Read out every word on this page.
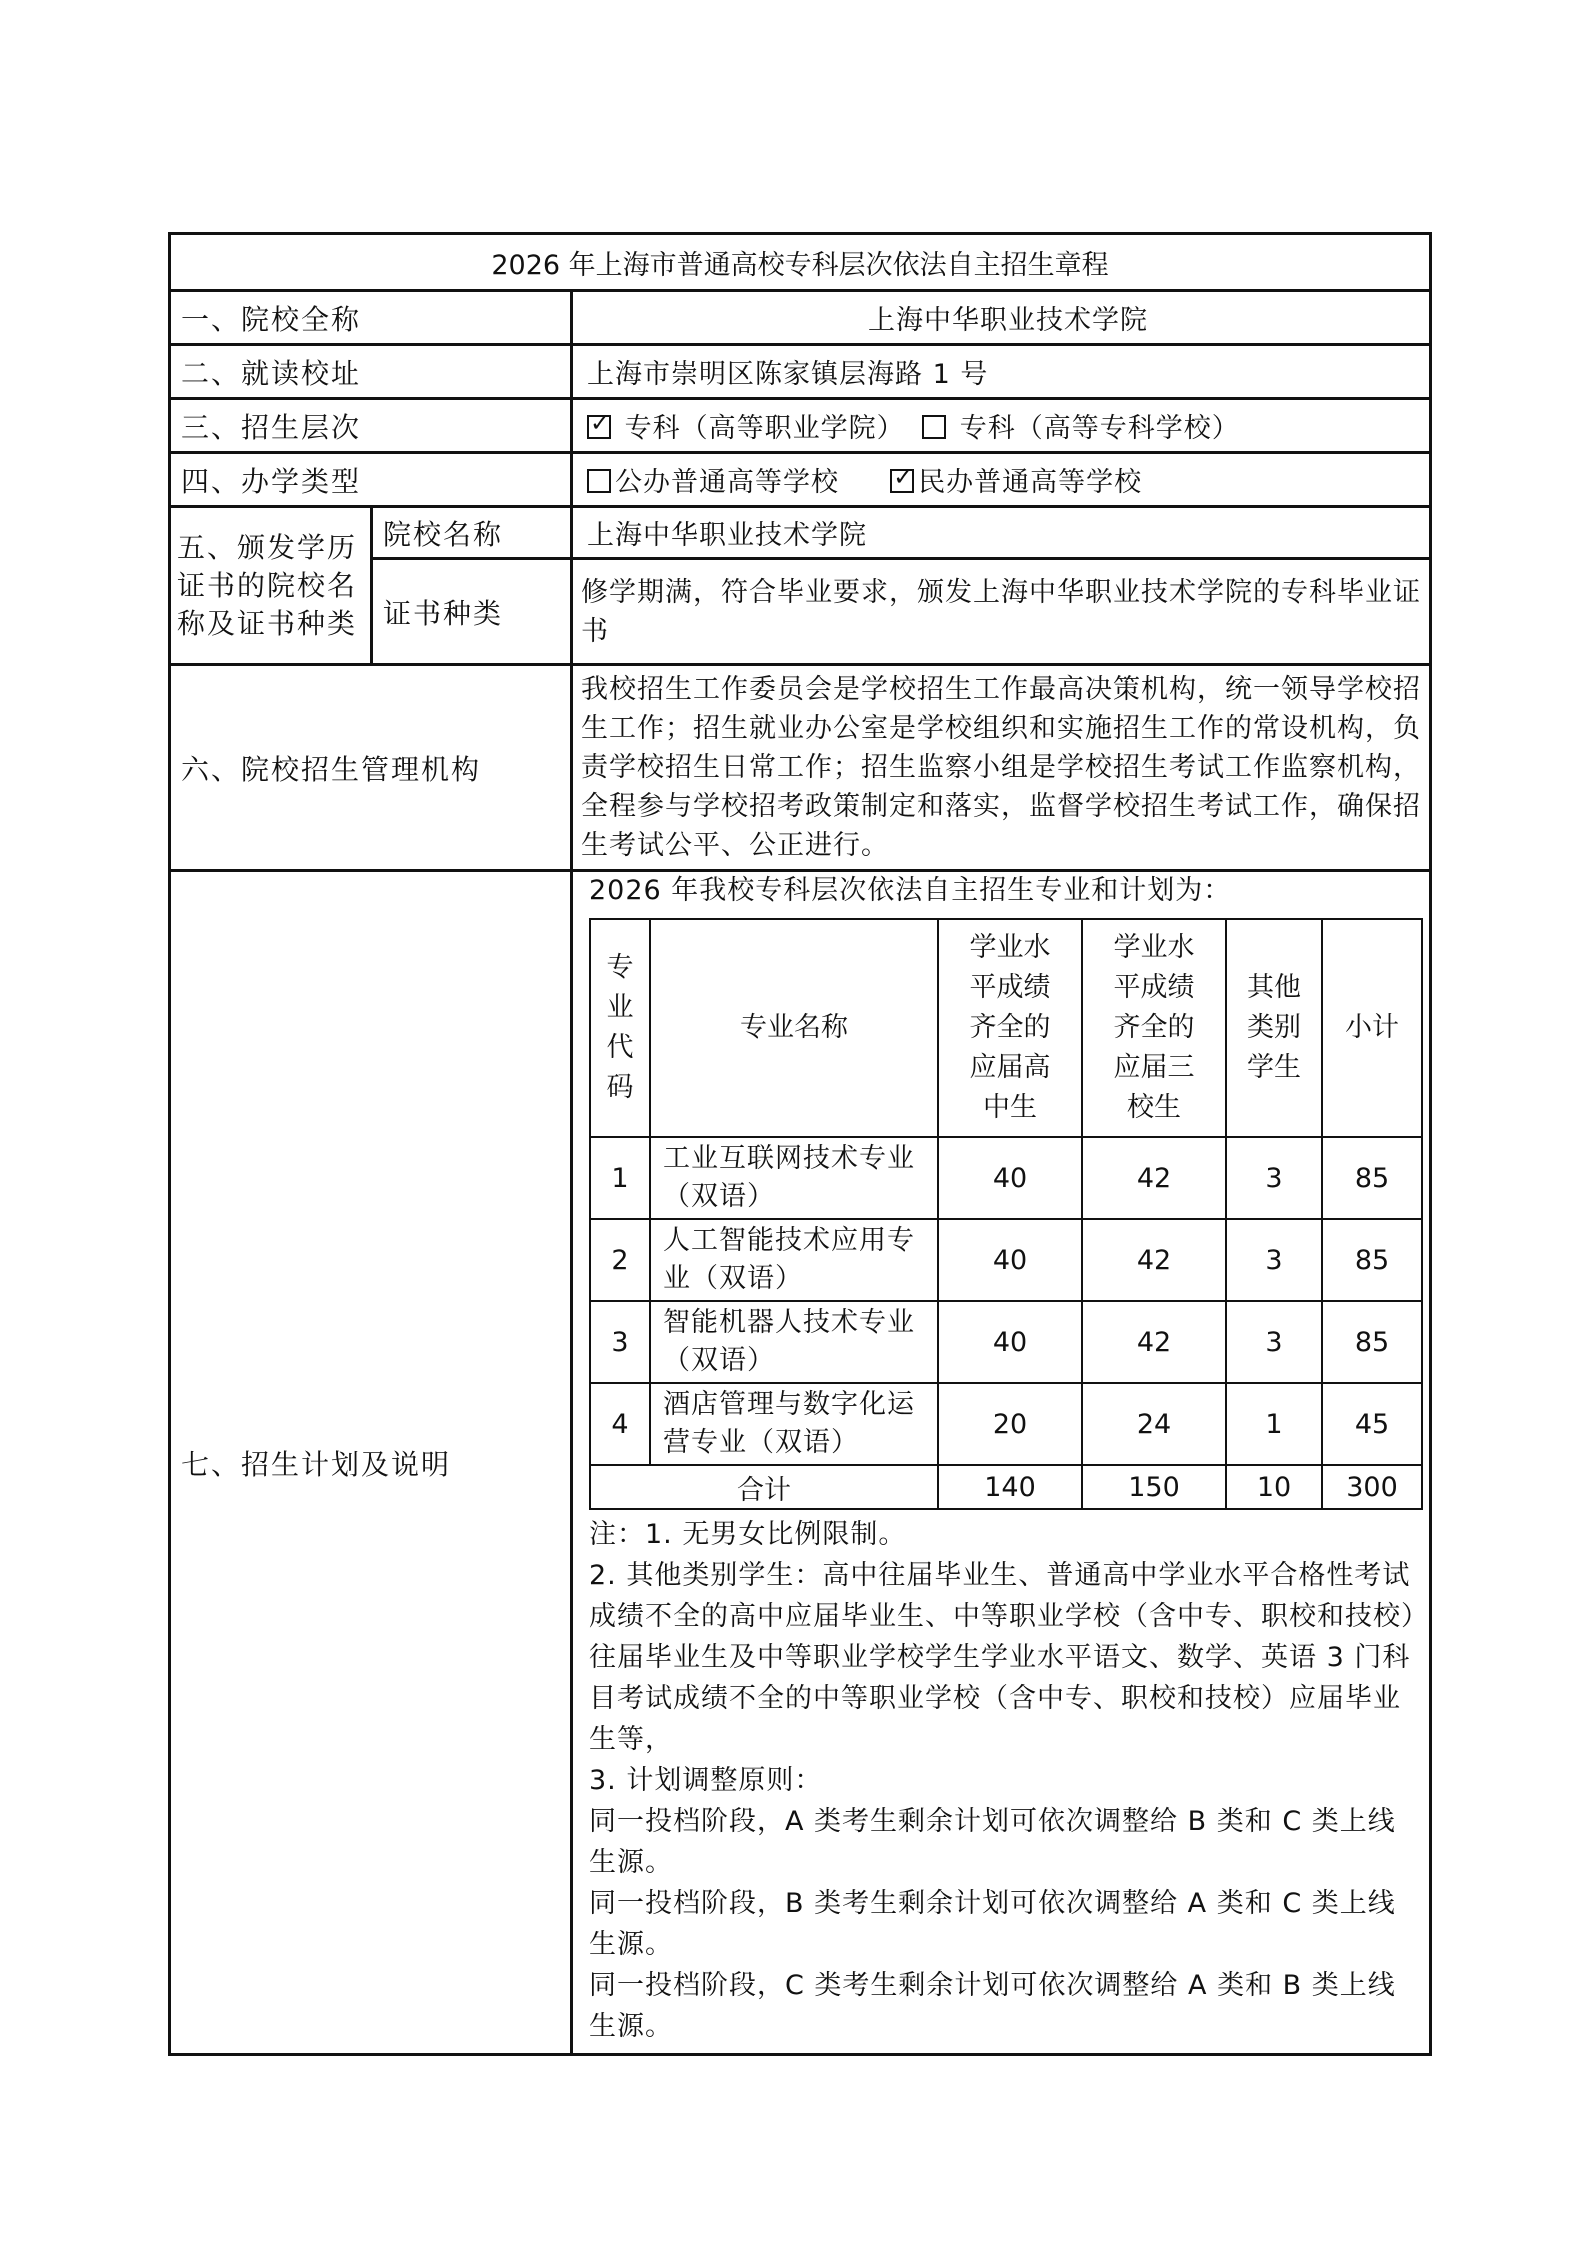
2026 年上海市普通高校专科层次依法自主招生章程
一、院校全称	上海中华职业技术学院
二、就读校址	上海市崇明区陈家镇层海路 1 号
三、招生层次	✓专科（高等职业学院） 专科（高等专科学校）
四、办学类型	公办普通高等学校  ✓	民办普通高等学校
五、颁发学历证书的院校名称及证书种类	院校名称	上海中华职业技术学院
证书种类	修学期满，符合毕业要求，颁发上海中华职业技术学院的专科毕业证书
六、院校招生管理机构	我校招生工作委员会是学校招生工作最高决策机构，统一领导学校招生工作；招生就业办公室是学校组织和实施招生工作的常设机构，负责学校招生日常工作；招生监察小组是学校招生考试工作监察机构，全程参与学校招考政策制定和落实，监督学校招生考试工作，确保招生考试公平、公正进行。
七、招生计划及说明	
2026 年我校专科层次依法自主招生专业和计划为：
专业代码	专业名称	学业水平成绩齐全的应届高中生	学业水平成绩齐全的应届三校生	其他类别学生	小计
1	工业互联网技术专业（双语）	40	42	3	85
2	人工智能技术应用专业（双语）	40	42	3	85
3	智能机器人技术专业（双语）	40	42	3	85
4	酒店管理与数字化运营专业（双语）	20	24	1	45
合计	140	150	10	300
注：1. 无男女比例限制。
2. 其他类别学生：高中往届毕业生、普通高中学业水平合格性考试成绩不全的高中应届毕业生、中等职业学校（含中专、职校和技校）往届毕业生及中等职业学校学生学业水平语文、数学、英语 3 门科目考试成绩不全的中等职业学校（含中专、职校和技校）应届毕业生等，
3. 计划调整原则：
同一投档阶段，A 类考生剩余计划可依次调整给 B 类和 C 类上线生源。
同一投档阶段，B 类考生剩余计划可依次调整给 A 类和 C 类上线生源。
同一投档阶段，C 类考生剩余计划可依次调整给 A 类和 B 类上线生源。
